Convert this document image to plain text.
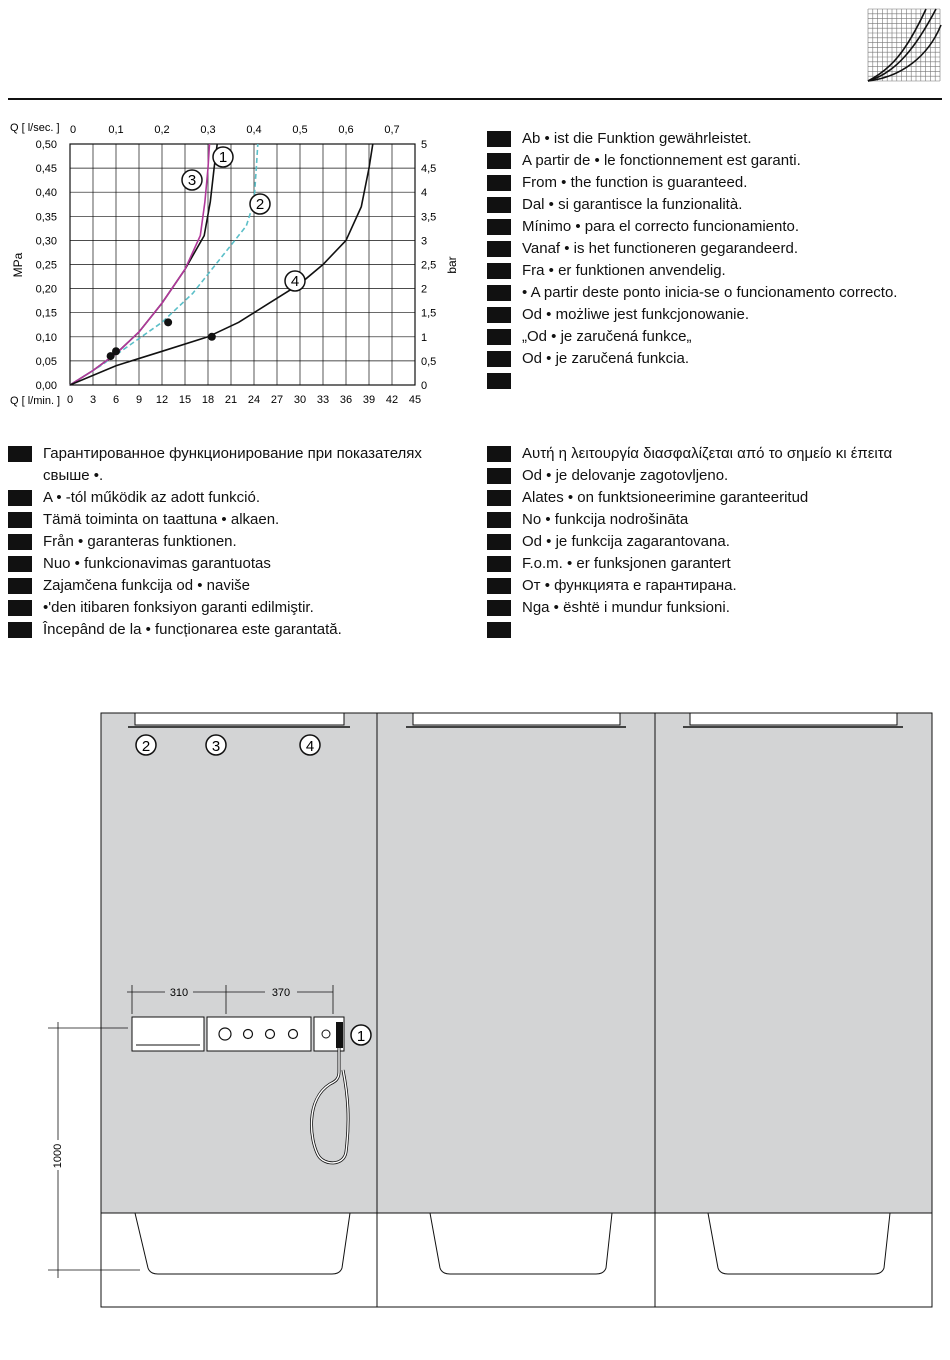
0 3 6 9 12 15 18 21 24 27 30 33 36 39 42 45
0,00	0
0,05	0,5
0,10	1
0,15	1,5
0,20	2
0,25	2,5
0,30	3
0,35	3,5
0,40	4
0,45	4,5
0,50	5
0	0,1	0,2	0,3	0,4	0,5	0,6	0,7
Q [ l/sec. ]
Q [ l/min. ]
MPa	bar
1
2
3
4
Ab • ist die Funktion gewährleistet.
A partir de • le fonctionnement est garanti.
From • the function is guaranteed.
Dal • si garantisce la funzionalità.
Mínimo • para el correcto funcionamiento.
Vanaf • is het functioneren gegarandeerd.
Fra • er funktionen anvendelig.
• A partir deste ponto inicia-se o funcionamento correcto.
Od • możliwe jest funkcjonowanie.
„Od • je zaručená funkce„
Od • je zaručená funkcia.
Гарантированное функционирование при показателях свыше •.
A • -tól működik az adott funkció.
Tämä toiminta on taattuna • alkaen.
Från • garanteras funktionen.
Nuo • funkcionavimas garantuotas
Zajamčena funkcija od • naviše
•'den itibaren fonksiyon garanti edilmiştir.
Începând de la • funcționarea este garantată.
Αυτή η λειτουργία διασφαλίζεται από το σημείο κι έπειτα
Od • je delovanje zagotovljeno.
Alates • on funktsioneerimine garanteeritud
No • funkcija nodrošināta
Od • je funkcija zagarantovana.
F.o.m. • er funksjonen garantert
От • функцията е гарантирана.
Nga • është i mundur funksioni.
310	370
1000
1
2	3	4
